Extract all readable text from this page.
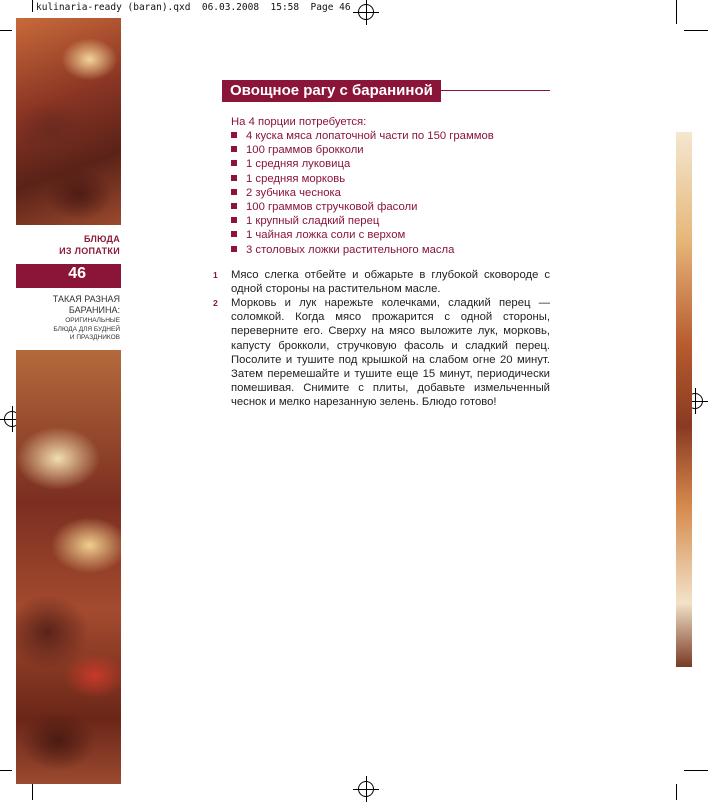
kulinaria-ready (baran).qxd  06.03.2008  15:58  Page 46
БЛЮДА
ИЗ ЛОПАТКИ
46
ТАКАЯ РАЗНАЯ
БАРАНИНА:
ОРИГИНАЛЬНЫЕ
БЛЮДА ДЛЯ БУДНЕЙ
И ПРАЗДНИКОВ
Овощное рагу с бараниной
На 4 порции потребуется:
4 куска мяса лопаточной части по 150 граммов
100 граммов брокколи
1 средняя луковица
1 средняя морковь
2 зубчика чеснока
100 граммов стручковой фасоли
1 крупный сладкий перец
1 чайная ложка соли с верхом
3 столовых ложки растительного масла
1 Мясо слегка отбейте и обжарьте в глубокой сковороде с одной стороны на растительном масле.
2 Морковь и лук нарежьте колечками, сладкий перец — соломкой. Когда мясо прожарится с одной стороны, переверните его. Сверху на мясо выложите лук, морковь, капусту брокколи, стручковую фасоль и сладкий перец. Посолите и тушите под крышкой на слабом огне 20 минут. Затем перемешайте и тушите еще 15 минут, периодически помешивая. Снимите с плиты, добавьте измельченный чеснок и мелко нарезанную зелень. Блюдо готово!
